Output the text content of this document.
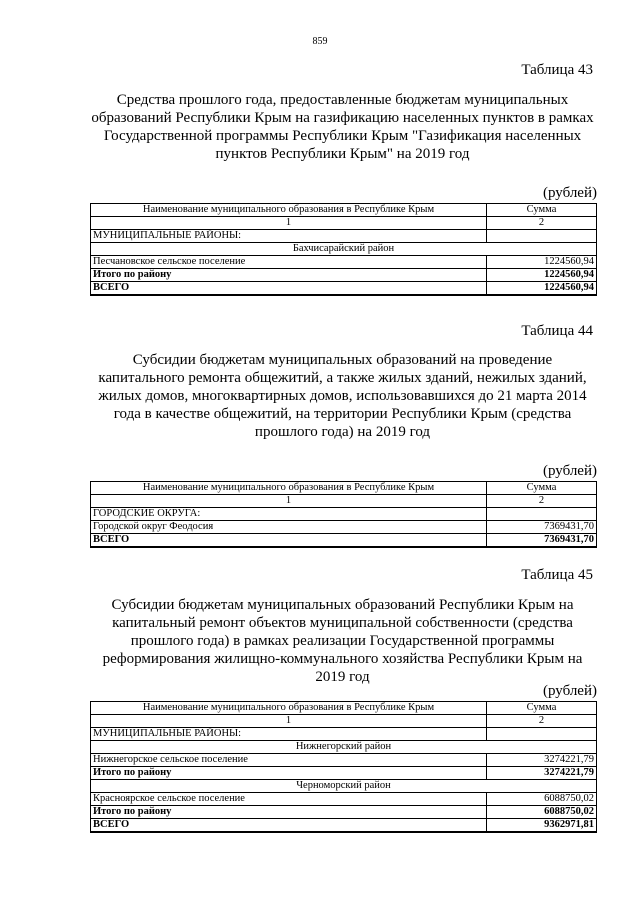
859
Таблица 43
Средства прошлого года, предоставленные бюджетам муниципальных образований Республики Крым на газификацию населенных пунктов в рамках Государственной программы Республики Крым "Газификация населенных пунктов Республики Крым" на 2019 год
(рублей)
Наименование муниципального образования в Республике Крым	Сумма
1	2
МУНИЦИПАЛЬНЫЕ РАЙОНЫ:	
Бахчисарайский район	
Песчановское сельское поселение	1224560,94
Итого по району	1224560,94
ВСЕГО	1224560,94
Таблица 44
Субсидии бюджетам муниципальных образований на проведение капитального ремонта общежитий, а также жилых зданий, нежилых зданий, жилых домов, многоквартирных домов, использовавшихся до 21 марта 2014 года в качестве общежитий, на территории Республики Крым (средства прошлого года) на 2019 год
(рублей)
Наименование муниципального образования в Республике Крым	Сумма
1	2
ГОРОДСКИЕ ОКРУГА:	
Городской округ Феодосия	7369431,70
ВСЕГО	7369431,70
Таблица 45
Субсидии бюджетам муниципальных образований Республики Крым на капитальный ремонт объектов муниципальной собственности (средства прошлого года) в рамках реализации Государственной программы реформирования жилищно-коммунального хозяйства Республики Крым на 2019 год
(рублей)
Наименование муниципального образования в Республике Крым	Сумма
1	2
МУНИЦИПАЛЬНЫЕ РАЙОНЫ:	
Нижнегорский район	
Нижнегорское сельское поселение	3274221,79
Итого по району	3274221,79
Черноморский район	
Красноярское сельское поселение	6088750,02
Итого по району	6088750,02
ВСЕГО	9362971,81
